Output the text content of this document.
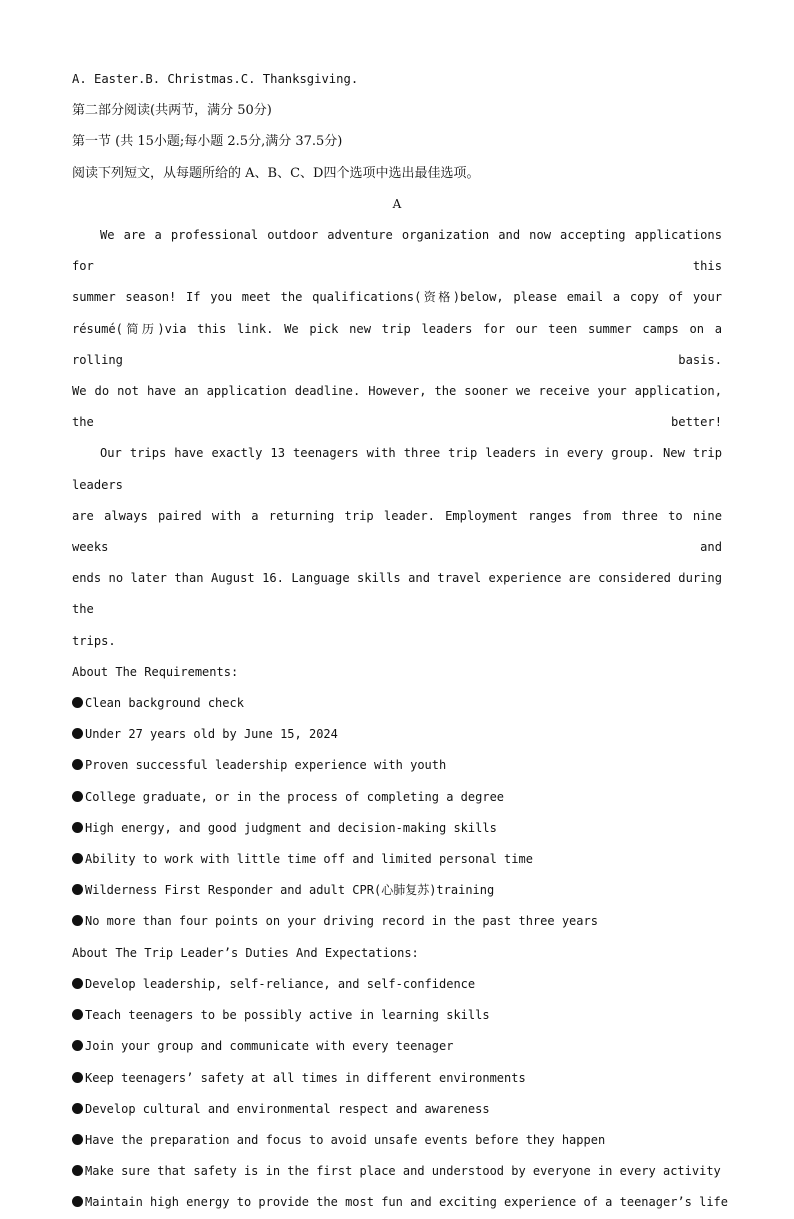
A. Easter.B. Christmas.C. Thanksgiving.

第二部分阅读(共两节，满分 50分)

第一节 (共 15小题;每小题 2.5分,满分 37.5分)

阅读下列短文，从每题所给的 A、B、C、D四个选项中选出最佳选项。

A

We are a professional outdoor adventure organization and now accepting applications for this

summer season! If you meet the qualifications(资格)below, please email a copy of your

résumé(简历)via this link. We pick new trip leaders for our teen summer camps on a rolling basis.

We do not have an application deadline. However, the sooner we receive your application, the better!

Our trips have exactly 13 teenagers with three trip leaders in every group. New trip leaders

are always paired with a returning trip leader. Employment ranges from three to nine weeks and

ends no later than August 16. Language skills and travel experience are considered during the

trips.

About The Requirements:

Clean background check

Under 27 years old by June 15, 2024

Proven successful leadership experience with youth

College graduate, or in the process of completing a degree

High energy, and good judgment and decision-making skills

Ability to work with little time off and limited personal time

Wilderness First Responder and adult CPR(心肺复苏)training

No more than four points on your driving record in the past three years

About The Trip Leader’s Duties And Expectations:

Develop leadership, self-reliance, and self-confidence

Teach teenagers to be possibly active in learning skills

Join your group and communicate with every teenager

Keep teenagers’ safety at all times in different environments

Develop cultural and environmental respect and awareness

Have the preparation and focus to avoid unsafe events before they happen

Make sure that safety is in the first place and understood by everyone in every activity

Maintain high energy to provide the most fun and exciting experience of a teenager’s life
